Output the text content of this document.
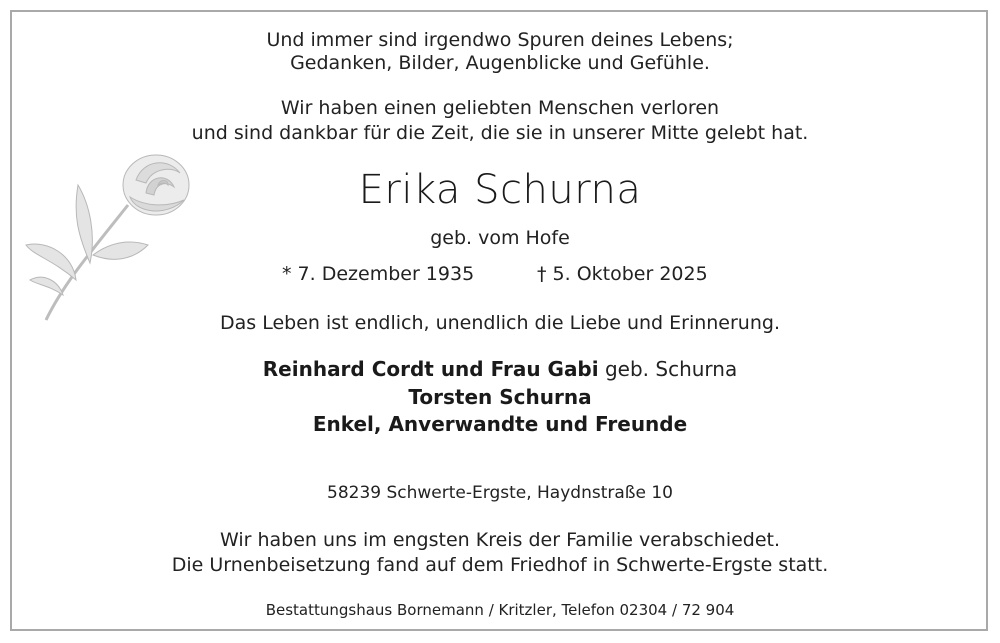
Und immer sind irgendwo Spuren deines Lebens;
Gedanken, Bilder, Augenblicke und Gefühle.
Wir haben einen geliebten Menschen verloren
und sind dankbar für die Zeit, die sie in unserer Mitte gelebt hat.
Erika Schurna
geb. vom Hofe
* 7. Dezember 1935	† 5. Oktober 2025
Das Leben ist endlich, unendlich die Liebe und Erinnerung.
Reinhard Cordt und Frau Gabi geb. Schurna
Torsten Schurna
Enkel, Anverwandte und Freunde
58239 Schwerte-Ergste, Haydnstraße 10
Wir haben uns im engsten Kreis der Familie verabschiedet.
Die Urnenbeisetzung fand auf dem Friedhof in Schwerte-Ergste statt.
Bestattungshaus Bornemann / Kritzler, Telefon 02304 / 72 904
